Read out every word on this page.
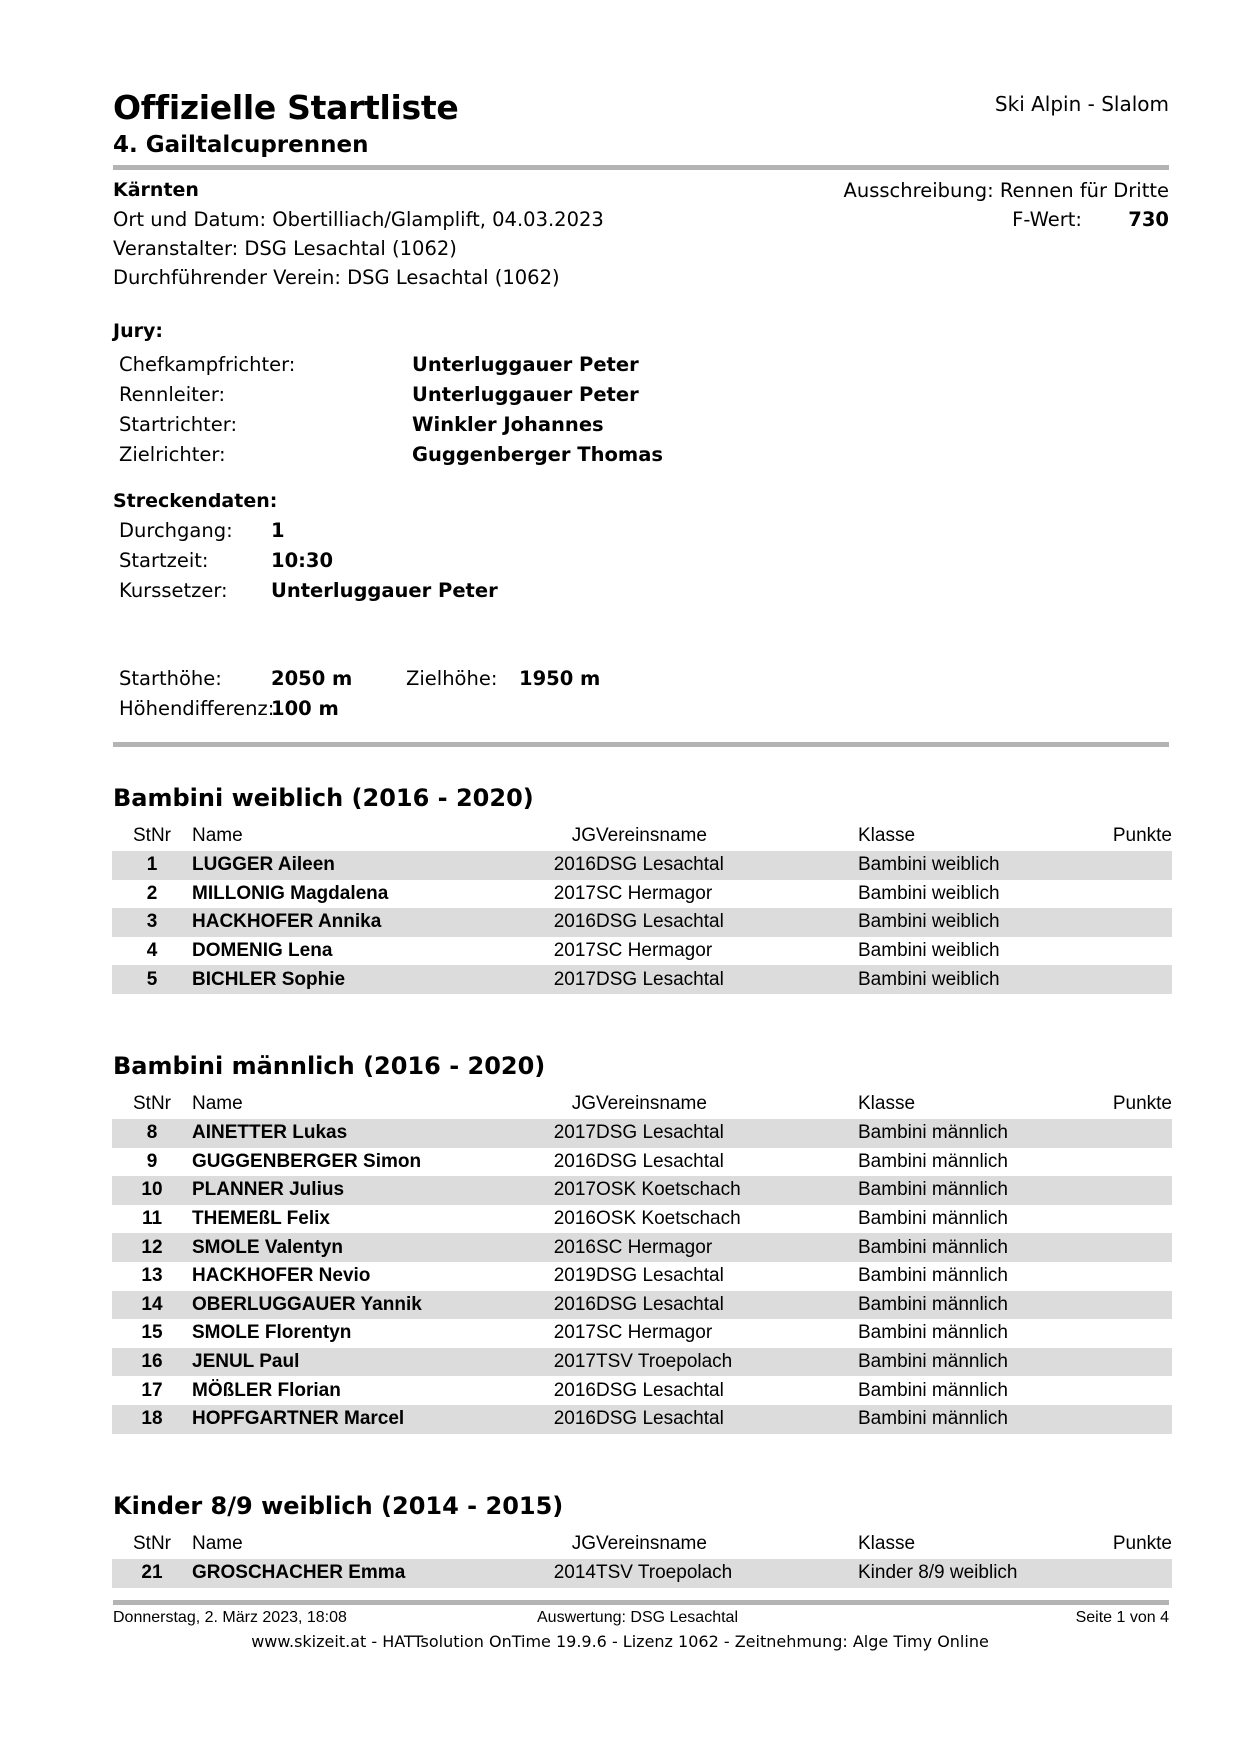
Offizielle Startliste
4. Gailtalcuprennen
Ski Alpin - Slalom
Kärnten
Ort und Datum: Obertilliach/Glamplift, 04.03.2023
Veranstalter: DSG Lesachtal (1062)
Durchführender Verein: DSG Lesachtal (1062)
Ausschreibung: Rennen für Dritte
F-Wert: 730
Jury:
Chefkampfrichter:	Unterluggauer Peter
Rennleiter:	Unterluggauer Peter
Startrichter:	Winkler Johannes
Zielrichter:	Guggenberger Thomas
Streckendaten:
Durchgang: 1
Startzeit:	10:30
Kurssetzer: Unterluggauer Peter
Starthöhe:	2050 m	Zielhöhe: 1950 m
Höhendifferenz:
100 m
Bambini weiblich (2016 - 2020)
StNr	Name	JG	Vereinsname	Klasse	Punkte
1	LUGGER Aileen	2016	DSG Lesachtal	Bambini weiblich	
2	MILLONIG Magdalena	2017	SC Hermagor	Bambini weiblich	
3	HACKHOFER Annika	2016	DSG Lesachtal	Bambini weiblich	
4	DOMENIG Lena	2017	SC Hermagor	Bambini weiblich	
5	BICHLER Sophie	2017	DSG Lesachtal	Bambini weiblich	
Bambini männlich (2016 - 2020)
StNr	Name	JG	Vereinsname	Klasse	Punkte
8	AINETTER Lukas	2017	DSG Lesachtal	Bambini männlich	
9	GUGGENBERGER Simon	2016	DSG Lesachtal	Bambini männlich	
10	PLANNER Julius	2017	OSK Koetschach	Bambini männlich	
11	THEMEßL Felix	2016	OSK Koetschach	Bambini männlich	
12	SMOLE Valentyn	2016	SC Hermagor	Bambini männlich	
13	HACKHOFER Nevio	2019	DSG Lesachtal	Bambini männlich	
14	OBERLUGGAUER Yannik	2016	DSG Lesachtal	Bambini männlich	
15	SMOLE Florentyn	2017	SC Hermagor	Bambini männlich	
16	JENUL Paul	2017	TSV Troepolach	Bambini männlich	
17	MÖßLER Florian	2016	DSG Lesachtal	Bambini männlich	
18	HOPFGARTNER Marcel	2016	DSG Lesachtal	Bambini männlich	
Kinder 8/9 weiblich (2014 - 2015)
StNr	Name	JG	Vereinsname	Klasse	Punkte
21	GROSCHACHER Emma	2014	TSV Troepolach	Kinder 8/9 weiblich	
Donnerstag, 2. März 2023, 18:08	Auswertung: DSG Lesachtal	Seite 1 von 4
www.skizeit.at - HATTsolution OnTime 19.9.6 - Lizenz 1062 - Zeitnehmung: Alge Timy Online
